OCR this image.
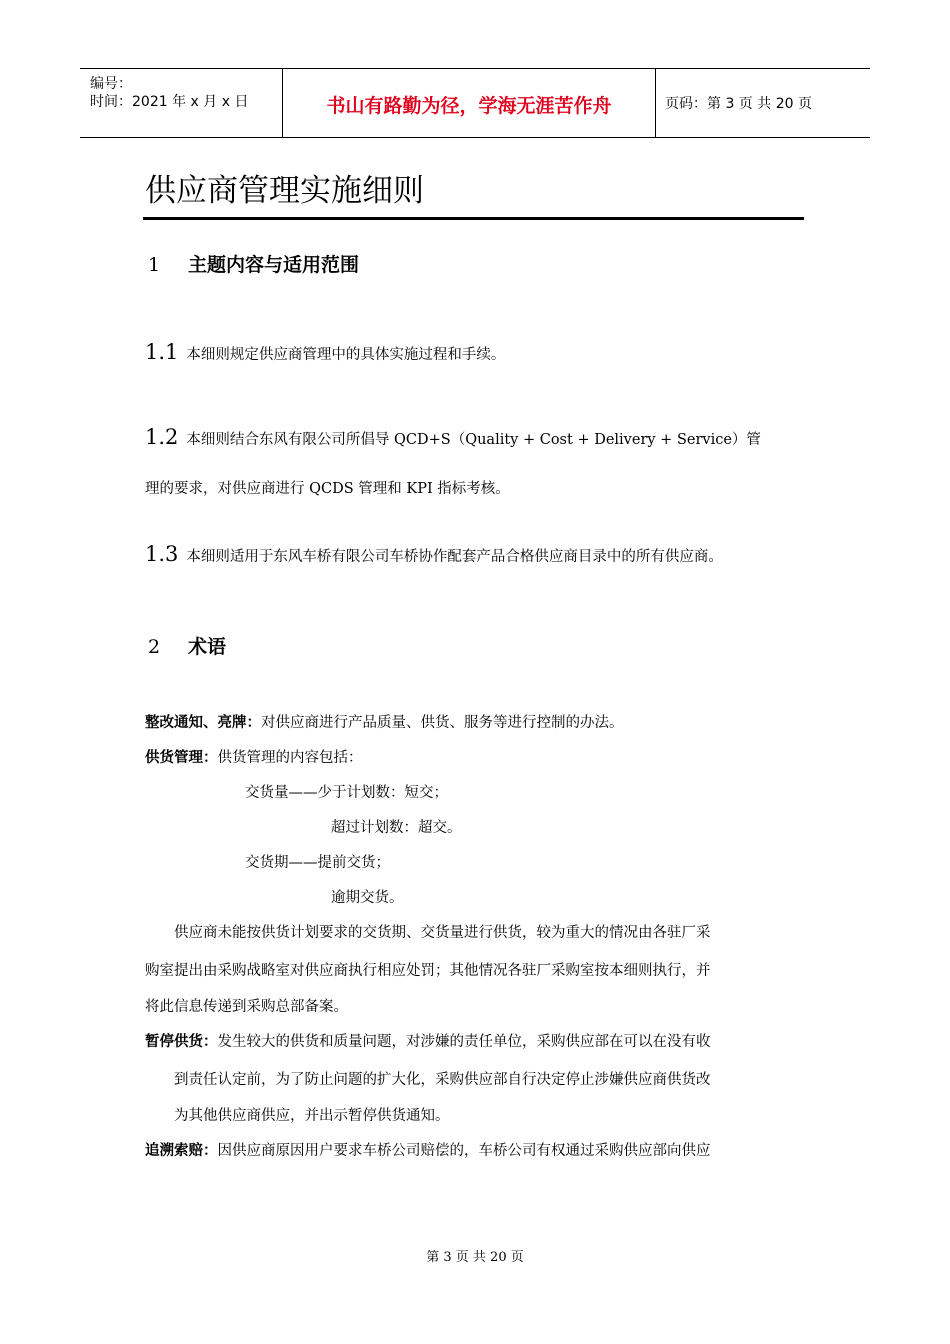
编号：
时间：2021 年 x 月 x 日	书山有路勤为径，学海无涯苦作舟	页码：第 3 页 共 20 页
供应商管理实施细则
1 主题内容与适用范围
1.1 本细则规定供应商管理中的具体实施过程和手续。
1.2 本细则结合东风有限公司所倡导 QCD+S（Quality + Cost + Delivery + Service）管
理的要求，对供应商进行 QCDS 管理和 KPI 指标考核。
1.3 本细则适用于东风车桥有限公司车桥协作配套产品合格供应商目录中的所有供应商。
2 术语
整改通知、亮牌：对供应商进行产品质量、供货、服务等进行控制的办法。
供货管理：供货管理的内容包括：
交货量——少于计划数：短交；
超过计划数：超交。
交货期——提前交货；
逾期交货。
供应商未能按供货计划要求的交货期、交货量进行供货，较为重大的情况由各驻厂采
购室提出由采购战略室对供应商执行相应处罚；其他情况各驻厂采购室按本细则执行，并
将此信息传递到采购总部备案。
暂停供货：发生较大的供货和质量问题，对涉嫌的责任单位，采购供应部在可以在没有收
到责任认定前，为了防止问题的扩大化，采购供应部自行决定停止涉嫌供应商供货改
为其他供应商供应，并出示暂停供货通知。
追溯索赔：因供应商原因用户要求车桥公司赔偿的，车桥公司有权通过采购供应部向供应
第 3 页 共 20 页
